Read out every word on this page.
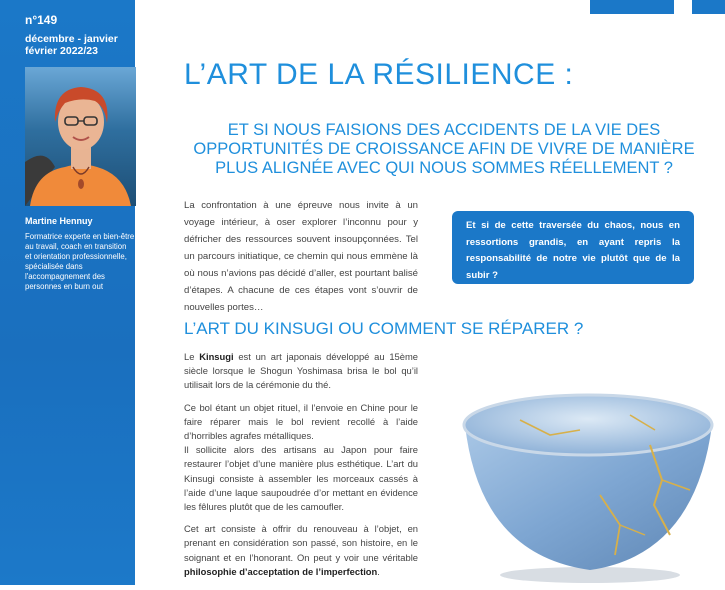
n°149
décembre - janvier février 2022/23
Martine Hennuy
Formatrice experte en bien-être au travail, coach en transition et orientation professionnelle, spécialisée dans l'accompagnement des personnes en burn out
L’ART DE LA RÉSILIENCE :
ET SI NOUS FAISIONS DES ACCIDENTS DE LA VIE DES OPPORTUNITÉS DE CROISSANCE AFIN DE VIVRE DE MANIÈRE PLUS ALIGNÉE AVEC QUI NOUS SOMMES RÉELLEMENT ?
La confrontation à une épreuve nous invite à un voyage intérieur, à oser explorer l’inconnu pour y défricher des ressources souvent insoupçonnées. Tel un parcours initiatique, ce chemin qui nous emmène là où nous n’avions pas décidé d’aller, est pourtant balisé d’étapes. A chacune de ces étapes vont s’ouvrir de nouvelles portes…
Et si de cette traversée du chaos, nous en ressortions grandis, en ayant repris la responsabilité de notre vie plutôt que de la subir ?
L’ART DU KINSUGI OU COMMENT SE RÉPARER ?

Le Kinsugi est un art japonais développé au 15ème siècle lorsque le Shogun Yoshimasa brisa le bol qu’il utilisait lors de la cérémonie du thé.

Ce bol étant un objet rituel, il l’envoie en Chine pour le faire réparer mais le bol revient recollé à l’aide d’horribles agrafes métalliques.

Il sollicite alors des artisans au Japon pour faire restaurer l’objet d’une manière plus esthétique. L’art du Kinsugi consiste à assembler les morceaux cassés à l’aide d’une laque saupoudrée d’or mettant en évidence les fêlures plutôt que de les camoufler.

Cet art consiste à offrir du renouveau à l’objet, en prenant en considération son passé, son histoire, en le soignant et en l’honorant. On peut y voir une véritable philosophie d’acceptation de l’imperfection.
